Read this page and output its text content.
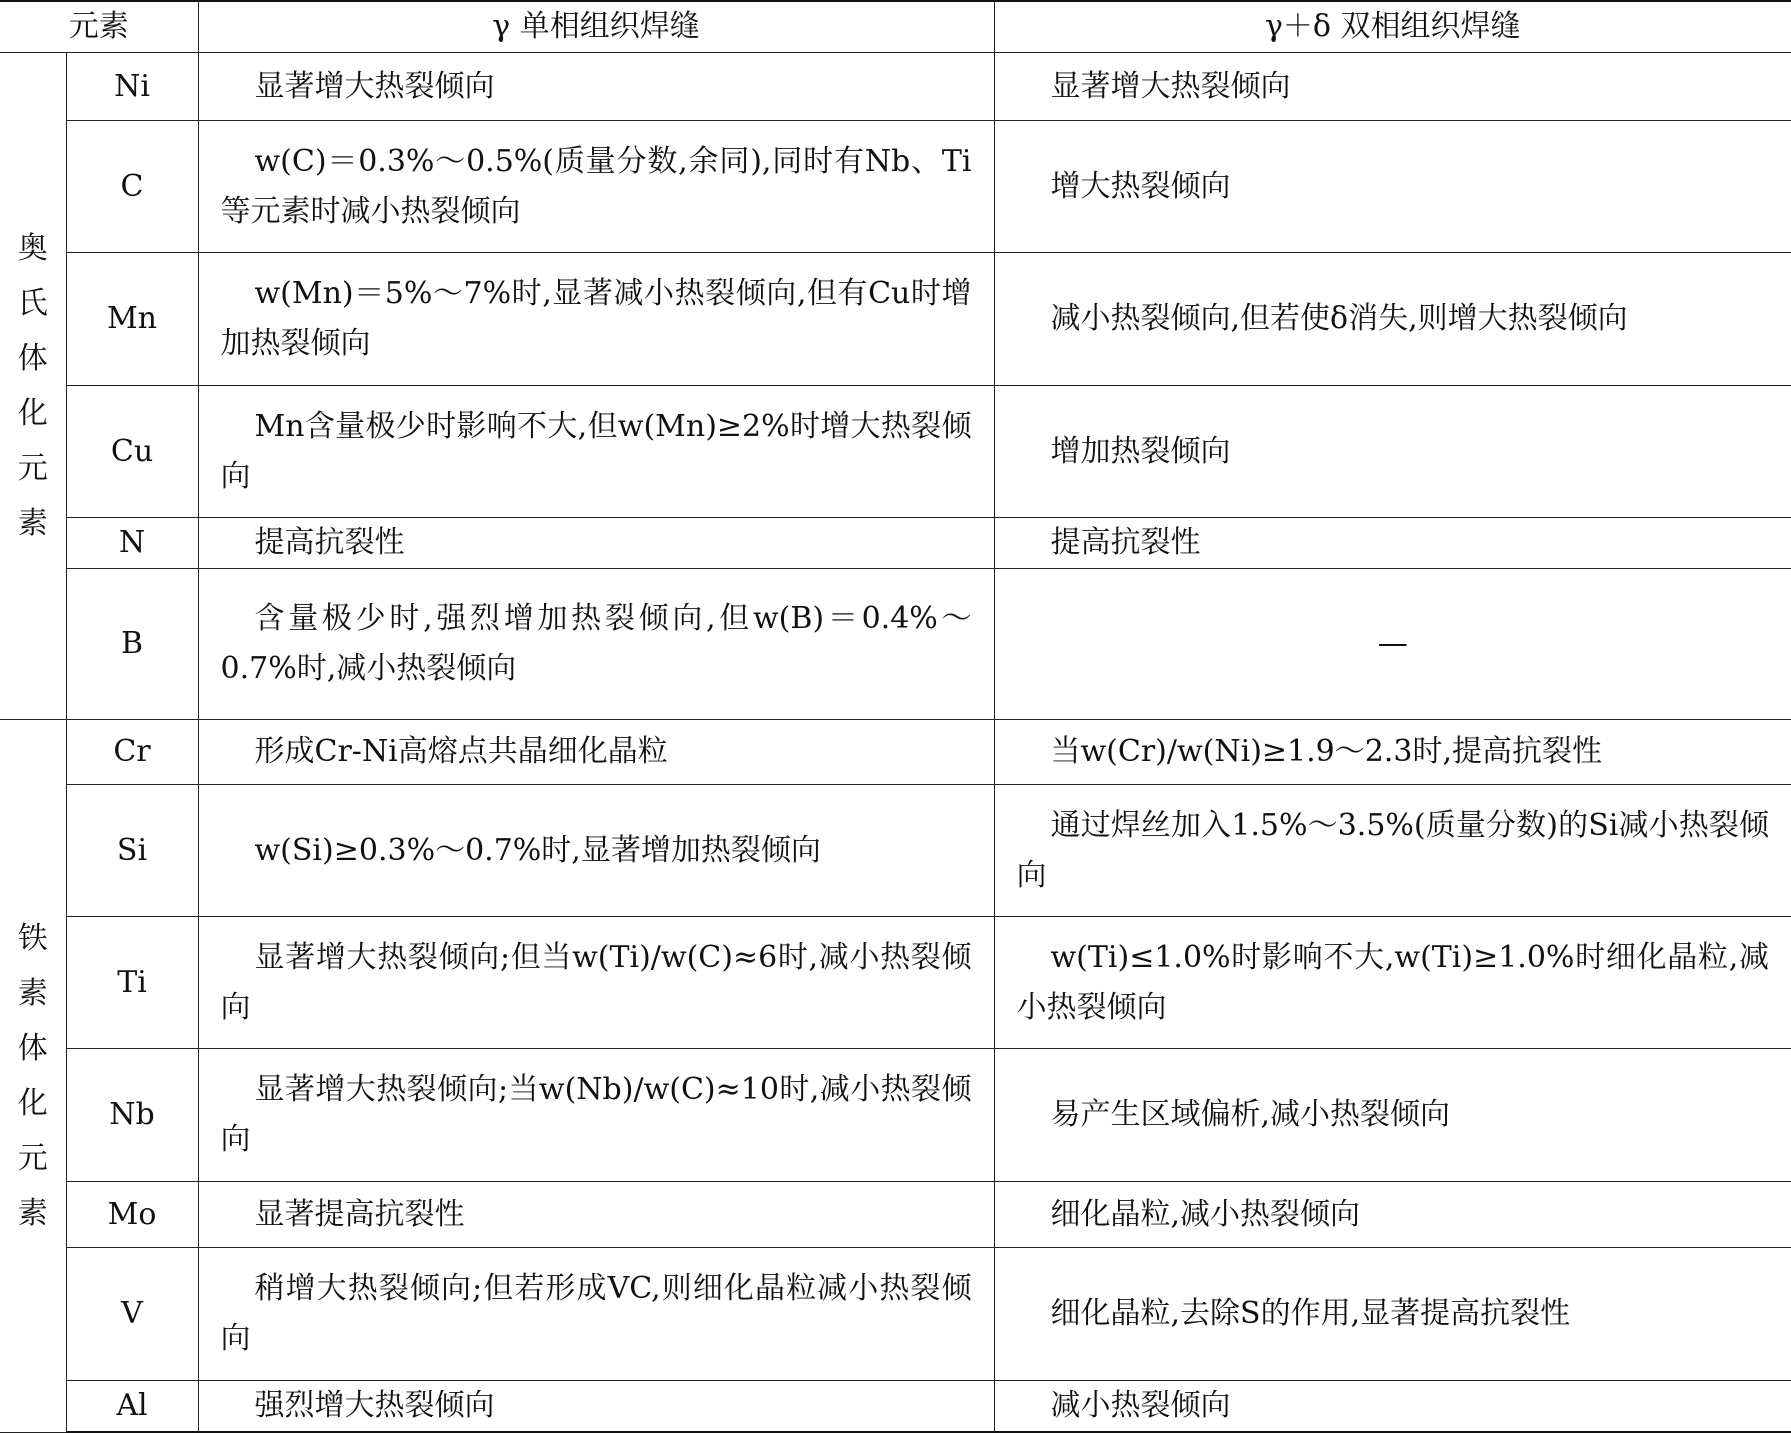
元素		γ 单相组织焊缝	γ＋δ 双相组织焊缝
奥氏体化元素	Ni	显著增大热裂倾向	显著增大热裂倾向

	C	w(C)＝0.3%～0.5%(质量分数,余同),同时有Nb、Ti等元素时减小热裂倾向	增大热裂倾向

	Mn	w(Mn)＝5%～7%时,显著减小热裂倾向,但有Cu时增加热裂倾向	减小热裂倾向,但若使δ消失,则增大热裂倾向

	Cu	Mn含量极少时影响不大,但w(Mn)≥2%时增大热裂倾向	增加热裂倾向

	N	提高抗裂性	提高抗裂性

	B	含量极少时,强烈增加热裂倾向,但w(B)＝0.4%～0.7%时,减小热裂倾向	—
铁素体化元素	Cr	形成Cr-Ni高熔点共晶细化晶粒	当w(Cr)/w(Ni)≥1.9～2.3时,提高抗裂性

	Si	w(Si)≥0.3%～0.7%时,显著增加热裂倾向	通过焊丝加入1.5%～3.5%(质量分数)的Si减小热裂倾向

	Ti	显著增大热裂倾向;但当w(Ti)/w(C)≈6时,减小热裂倾向	w(Ti)≤1.0%时影响不大,w(Ti)≥1.0%时细化晶粒,减小热裂倾向

	Nb	显著增大热裂倾向;当w(Nb)/w(C)≈10时,减小热裂倾向	易产生区域偏析,减小热裂倾向

	Mo	显著提高抗裂性	细化晶粒,减小热裂倾向

	V	稍增大热裂倾向;但若形成VC,则细化晶粒减小热裂倾向	细化晶粒,去除S的作用,显著提高抗裂性

	Al	强烈增大热裂倾向	减小热裂倾向
